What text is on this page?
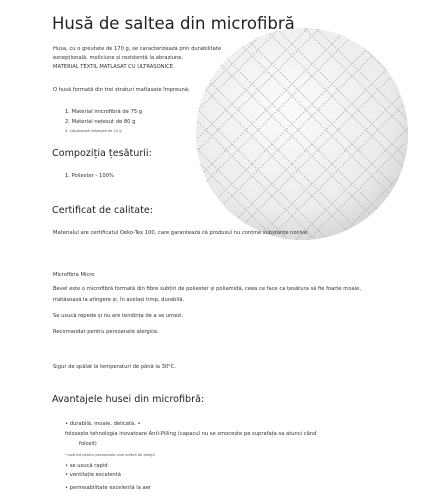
Husă de saltea din microfibră

Husa, cu o greutate de 170 g, se caracterizează prin durabilitate

excepțională, moliciune și rezistență la abraziune.

MATERIAL TEXTIL MATLASAT CU ULTRASONICE.

O husă formată din trei straturi matlasate împreună:

1. Material microfibră de 75 g

2. Material nețesut de 80 g

3. Căptușeală nețesută de 15 g

Compoziția țesăturii:

1. Poliester - 100%

Certificat de calitate:

Materialul are certificatul Oeko-Tex 100, care garantează că produsul nu conține substanțe nocive.

Microfibra Micro

Bevel este o microfibră formată din fibre subțiri de poliester și poliamidă, ceea ce face ca țesătura să fie foarte moale,

mătăsoasă la atingere și, în același timp, durabilă.

Se usucă repede și nu are tendința de a se umezi.

Recomandat pentru persoanele alergice.

Sigur de spălat la temperaturi de până la 30°C.

Avantajele husei din microfibră:

• durabilă, moale, delicată. •

folosește tehnologia inovatoare Anti-Pilling (capacul nu se smocește pe suprafața sa atunci când

folosit)

• potrivit pentru persoanele care suferă de alergii

• se usucă rapid

• ventilație excelentă

• permeabilitate excelentă la aer
